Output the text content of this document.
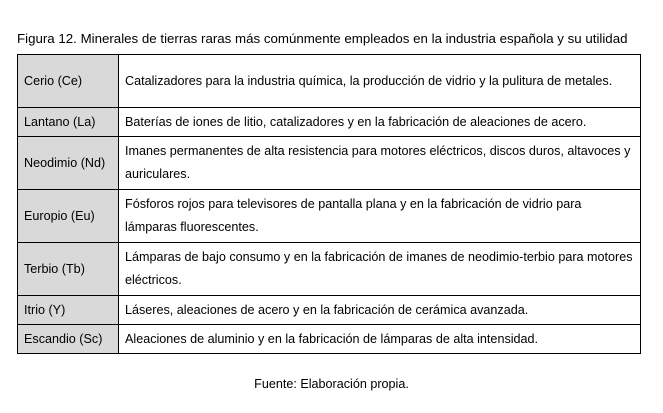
Figura 12. Minerales de tierras raras más comúnmente empleados en la industria española y su utilidad
Cerio (Ce)	Catalizadores para la industria química, la producción de vidrio y la pulitura de metales.
Lantano (La)	Baterías de iones de litio, catalizadores y en la fabricación de aleaciones de acero.
Neodimio (Nd)	Imanes permanentes de alta resistencia para motores eléctricos, discos duros, altavoces y auriculares.
Europio (Eu)	Fósforos rojos para televisores de pantalla plana y en la fabricación de vidrio para lámparas fluorescentes.
Terbio (Tb)	Lámparas de bajo consumo y en la fabricación de imanes de neodimio-terbio para motores eléctricos.
Itrio (Y)	Láseres, aleaciones de acero y en la fabricación de cerámica avanzada.
Escandio (Sc)	Aleaciones de aluminio y en la fabricación de lámparas de alta intensidad.
Fuente: Elaboración propia.
